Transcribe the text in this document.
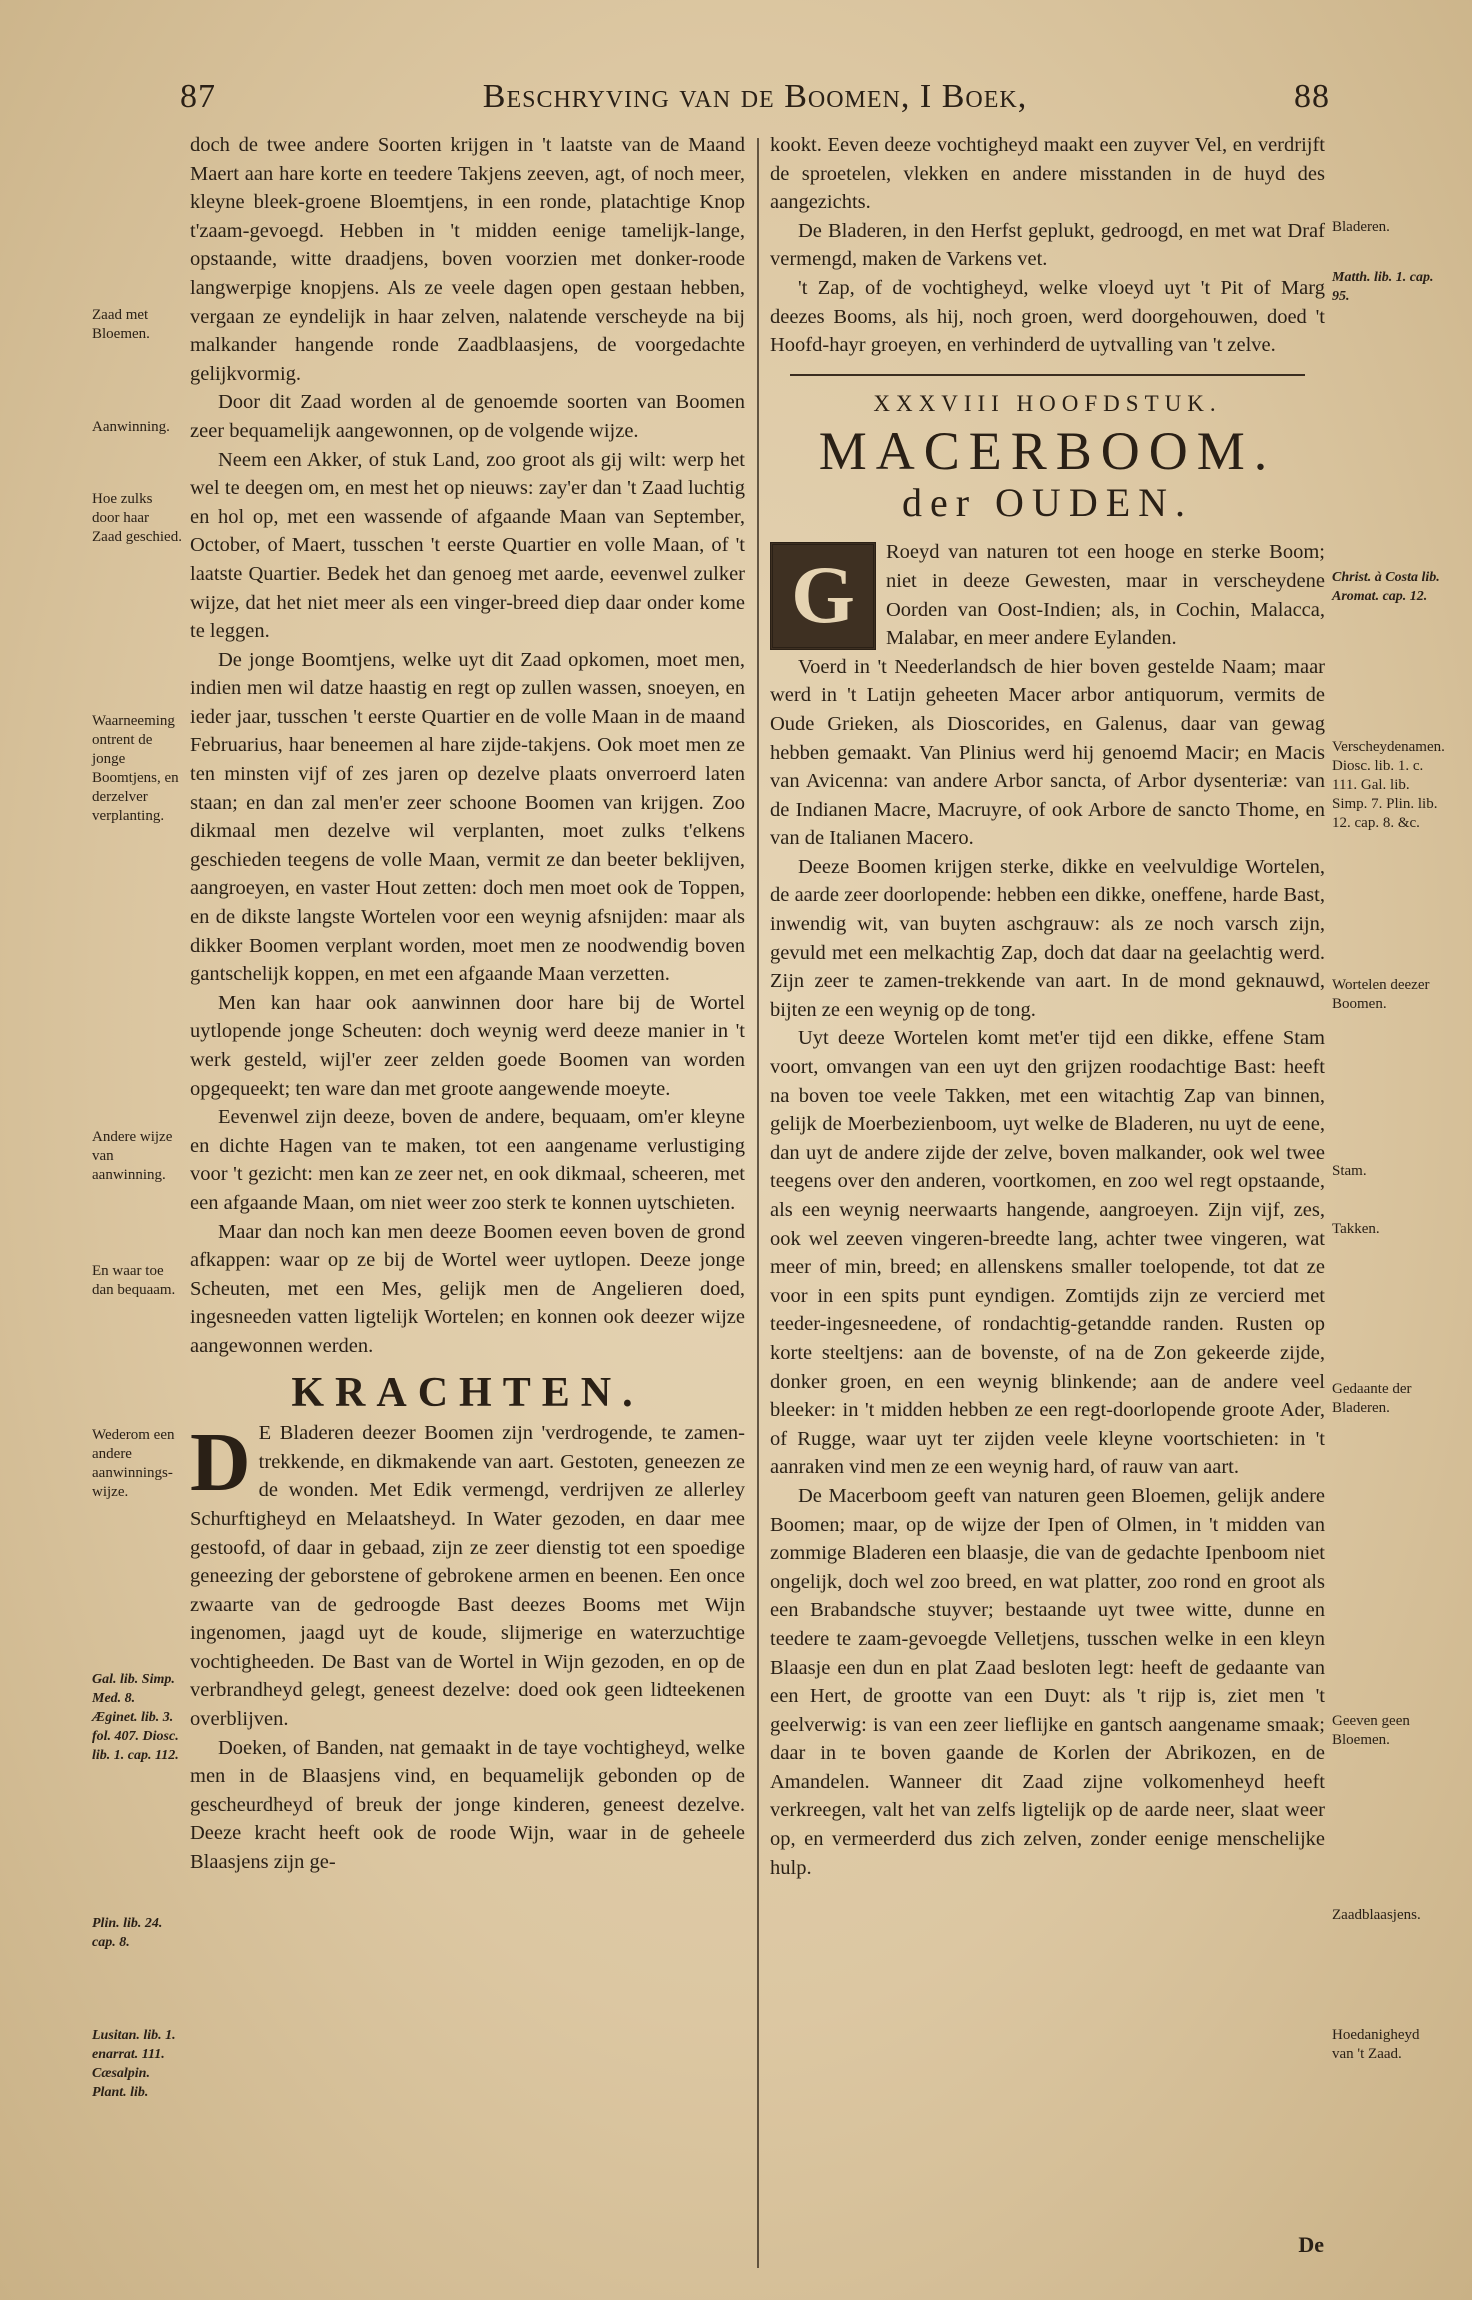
87	Beschryving van de Boomen, I Boek,	88

doch de twee andere Soorten krijgen in 't laatste van de Maand Maert aan hare korte en teedere Takjens zeeven, agt, of noch meer, kleyne bleek-groene Bloemtjens, in een ronde, platachtige Knop t'zaam-gevoegd. Hebben in 't midden eenige tamelijk-lange, opstaande, witte draadjens, boven voorzien met donker-roode langwerpige knopjens. Als ze veele dagen open gestaan hebben, vergaan ze eyndelijk in haar zelven, nalatende verscheyde na bij malkander hangende ronde Zaadblaasjens, de voorgedachte gelijkvormig.

Door dit Zaad worden al de genoemde soorten van Boomen zeer bequamelijk aangewonnen, op de volgende wijze.

Neem een Akker, of stuk Land, zoo groot als gij wilt: werp het wel te deegen om, en mest het op nieuws: zay'er dan 't Zaad luchtig en hol op, met een wassende of afgaande Maan van September, October, of Maert, tusschen 't eerste Quartier en volle Maan, of 't laatste Quartier. Bedek het dan genoeg met aarde, eevenwel zulker wijze, dat het niet meer als een vinger-breed diep daar onder kome te leggen.

De jonge Boomtjens, welke uyt dit Zaad opkomen, moet men, indien men wil datze haastig en regt op zullen wassen, snoeyen, en ieder jaar, tusschen 't eerste Quartier en de volle Maan in de maand Februarius, haar beneemen al hare zijde-takjens. Ook moet men ze ten minsten vijf of zes jaren op dezelve plaats onverroerd laten staan; en dan zal men'er zeer schoone Boomen van krijgen. Zoo dikmaal men dezelve wil verplanten, moet zulks t'elkens geschieden teegens de volle Maan, vermit ze dan beeter beklijven, aangroeyen, en vaster Hout zetten: doch men moet ook de Toppen, en de dikste langste Wortelen voor een weynig afsnijden: maar als dikker Boomen verplant worden, moet men ze noodwendig boven gantschelijk koppen, en met een afgaande Maan verzetten.

Men kan haar ook aanwinnen door hare bij de Wortel uytlopende jonge Scheuten: doch weynig werd deeze manier in 't werk gesteld, wijl'er zeer zelden goede Boomen van worden opgequeekt; ten ware dan met groote aangewende moeyte.

Eevenwel zijn deeze, boven de andere, bequaam, om'er kleyne en dichte Hagen van te maken, tot een aangename verlustiging voor 't gezicht: men kan ze zeer net, en ook dikmaal, scheeren, met een afgaande Maan, om niet weer zoo sterk te konnen uytschieten.

Maar dan noch kan men deeze Boomen eeven boven de grond afkappen: waar op ze bij de Wortel weer uytlopen. Deeze jonge Scheuten, met een Mes, gelijk men de Angelieren doed, ingesneeden vatten ligtelijk Wortelen; en konnen ook deezer wijze aangewonnen werden.

KRACHTEN.

D E Bladeren deezer Boomen zijn 'verdrogende, te zamen-trekkende, en dikmakende van aart. Gestoten, geneezen ze de wonden. Met Edik vermengd, verdrijven ze allerley Schurftigheyd en Melaatsheyd. In Water gezoden, en daar mee gestoofd, of daar in gebaad, zijn ze zeer dienstig tot een spoedige geneezing der geborstene of gebrokene armen en beenen. Een once zwaarte van de gedroogde Bast deezes Booms met Wijn ingenomen, jaagd uyt de koude, slijmerige en waterzuchtige vochtigheeden. De Bast van de Wortel in Wijn gezoden, en op de verbrandheyd gelegt, geneest dezelve: doed ook geen lidteekenen overblijven.

Doeken, of Banden, nat gemaakt in de taye vochtigheyd, welke men in de Blaasjens vind, en bequamelijk gebonden op de gescheurdheyd of breuk der jonge kinderen, geneest dezelve. Deeze kracht heeft ook de roode Wijn, waar in de geheele Blaasjens zijn ge-

kookt. Eeven deeze vochtigheyd maakt een zuyver Vel, en verdrijft de sproetelen, vlekken en andere misstanden in de huyd des aangezichts.

De Bladeren, in den Herfst geplukt, gedroogd, en met wat Draf vermengd, maken de Varkens vet.

't Zap, of de vochtigheyd, welke vloeyd uyt 't Pit of Marg deezes Booms, als hij, noch groen, werd doorgehouwen, doed 't Hoofd-hayr groeyen, en verhinderd de uytvalling van 't zelve.

XXXVIII HOOFDSTUK.
MACERBOOM.
der OUDEN.

G	Roeyd van naturen tot een hooge en sterke Boom; niet in deeze Gewesten, maar in verscheydene Oorden van Oost-Indien; als, in Cochin, Malacca, Malabar, en meer andere Eylanden.

Voerd in 't Neederlandsch de hier boven gestelde Naam; maar werd in 't Latijn geheeten Macer arbor antiquorum, vermits de Oude Grieken, als Dioscorides, en Galenus, daar van gewag hebben gemaakt. Van Plinius werd hij genoemd Macir; en Macis van Avicenna: van andere Arbor sancta, of Arbor dysenteriæ: van de Indianen Macre, Macruyre, of ook Arbore de sancto Thome, en van de Italianen Macero.

Deeze Boomen krijgen sterke, dikke en veelvuldige Wortelen, de aarde zeer doorlopende: hebben een dikke, oneffene, harde Bast, inwendig wit, van buyten aschgrauw: als ze noch varsch zijn, gevuld met een melkachtig Zap, doch dat daar na geelachtig werd. Zijn zeer te zamen-trekkende van aart. In de mond geknauwd, bijten ze een weynig op de tong.

Uyt deeze Wortelen komt met'er tijd een dikke, effene Stam voort, omvangen van een uyt den grijzen roodachtige Bast: heeft na boven toe veele Takken, met een witachtig Zap van binnen, gelijk de Moerbezienboom, uyt welke de Bladeren, nu uyt de eene, dan uyt de andere zijde der zelve, boven malkander, ook wel twee teegens over den anderen, voortkomen, en zoo wel regt opstaande, als een weynig neerwaarts hangende, aangroeyen. Zijn vijf, zes, ook wel zeeven vingeren-breedte lang, achter twee vingeren, wat meer of min, breed; en allenskens smaller toelopende, tot dat ze voor in een spits punt eyndigen. Zomtijds zijn ze vercierd met teeder-ingesneedene, of rondachtig-getandde randen. Rusten op korte steeltjens: aan de bovenste, of na de Zon gekeerde zijde, donker groen, en een weynig blinkende; aan de andere veel bleeker: in 't midden hebben ze een regt-doorlopende groote Ader, of Rugge, waar uyt ter zijden veele kleyne voortschieten: in 't aanraken vind men ze een weynig hard, of rauw van aart.

De Macerboom geeft van naturen geen Bloemen, gelijk andere Boomen; maar, op de wijze der Ipen of Olmen, in 't midden van zommige Bladeren een blaasje, die van de gedachte Ipenboom niet ongelijk, doch wel zoo breed, en wat platter, zoo rond en groot als een Brabandsche stuyver; bestaande uyt twee witte, dunne en teedere te zaam-gevoegde Velletjens, tusschen welke in een kleyn Blaasje een dun en plat Zaad besloten legt: heeft de gedaante van een Hert, de grootte van een Duyt: als 't rijp is, ziet men 't geelverwig: is van een zeer lieflijke en gantsch aangename smaak; daar in te boven gaande de Korlen der Abrikozen, en de Amandelen. Wanneer dit Zaad zijne volkomenheyd heeft verkreegen, valt het van zelfs ligtelijk op de aarde neer, slaat weer op, en vermeerderd dus zich zelven, zonder eenige menschelijke hulp.

Zaad met Bloemen.
Aanwinning.
Hoe zulks door haar Zaad geschied.
Waarneeming ontrent de jonge Boomtjens, en derzelver verplanting.
Andere wijze van aanwinning.
En waar toe dan bequaam.
Wederom een andere aanwinnings-wijze.
Gal. lib. Simp. Med. 8. Æginet. lib. 3. fol. 407. Diosc. lib. 1. cap. 112.
Plin. lib. 24. cap. 8.
Lusitan. lib. 1. enarrat. 111. Cæsalpin. Plant. lib.
Bladeren.
Matth. lib. 1. cap. 95.
Christ. à Costa lib. Aromat. cap. 12.
Verscheydenamen. Diosc. lib. 1. c. 111. Gal. lib. Simp. 7. Plin. lib. 12. cap. 8. &c.
Wortelen deezer Boomen.
Stam.
Takken.
Gedaante der Bladeren.
Geeven geen Bloemen.
Zaadblaasjens.
Hoedanigheyd van 't Zaad.
De
